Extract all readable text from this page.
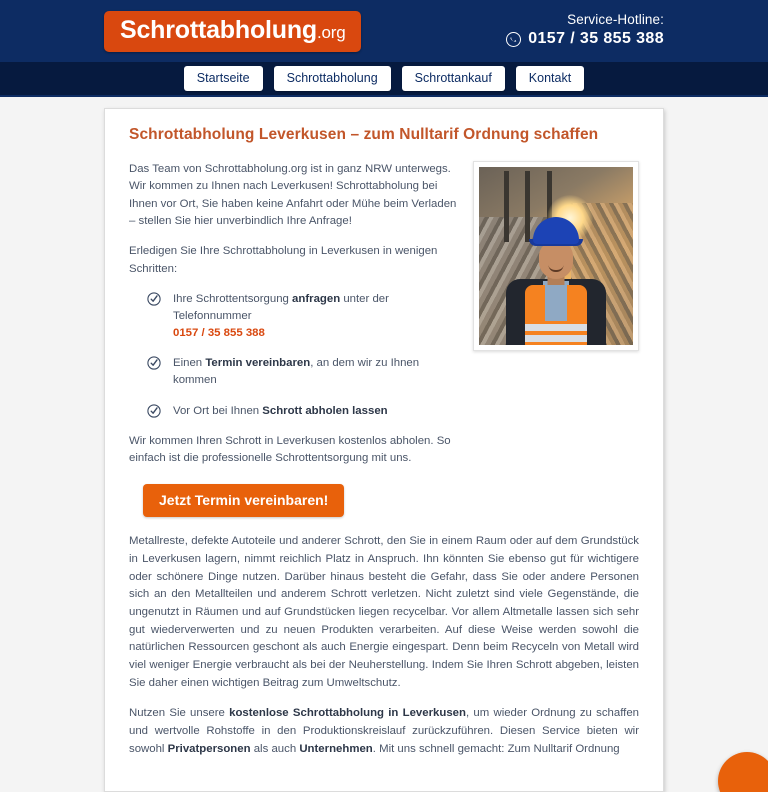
Schrottabholung.org
Service-Hotline:
0157 / 35 855 388
Startseite	Schrottabholung	Schrottankauf	Kontakt
Schrottabholung Leverkusen – zum Nulltarif Ordnung schaffen

Das Team von Schrottabholung.org ist in ganz NRW unterwegs. Wir kommen zu Ihnen nach Leverkusen! Schrottabholung bei Ihnen vor Ort, Sie haben keine Anfahrt oder Mühe beim Verladen – stellen Sie hier unverbindlich Ihre Anfrage!

Erledigen Sie Ihre Schrottabholung in Leverkusen in wenigen Schritten:

Ihre Schrottentsorgung anfragen unter der Telefonnummer
0157 / 35 855 388
Einen Termin vereinbaren, an dem wir zu Ihnen kommen
Vor Ort bei Ihnen Schrott abholen lassen

Wir kommen Ihren Schrott in Leverkusen kostenlos abholen. So einfach ist die professionelle Schrottentsorgung mit uns.

Jetzt Termin vereinbaren!

Metallreste, defekte Autoteile und anderer Schrott, den Sie in einem Raum oder auf dem Grundstück in Leverkusen lagern, nimmt reichlich Platz in Anspruch. Ihn könnten Sie ebenso gut für wichtigere oder schönere Dinge nutzen. Darüber hinaus besteht die Gefahr, dass Sie oder andere Personen sich an den Metallteilen und anderem Schrott verletzen. Nicht zuletzt sind viele Gegenstände, die ungenutzt in Räumen und auf Grundstücken liegen recycelbar. Vor allem Altmetalle lassen sich sehr gut wiederverwerten und zu neuen Produkten verarbeiten. Auf diese Weise werden sowohl die natürlichen Ressourcen geschont als auch Energie eingespart. Denn beim Recyceln von Metall wird viel weniger Energie verbraucht als bei der Neuherstellung. Indem Sie Ihren Schrott abgeben, leisten Sie daher einen wichtigen Beitrag zum Umweltschutz.

Nutzen Sie unsere kostenlose Schrottabholung in Leverkusen, um wieder Ordnung zu schaffen und wertvolle Rohstoffe in den Produktionskreislauf zurückzuführen. Diesen Service bieten wir sowohl Privatpersonen als auch Unternehmen. Mit uns schnell gemacht: Zum Nulltarif Ordnung
